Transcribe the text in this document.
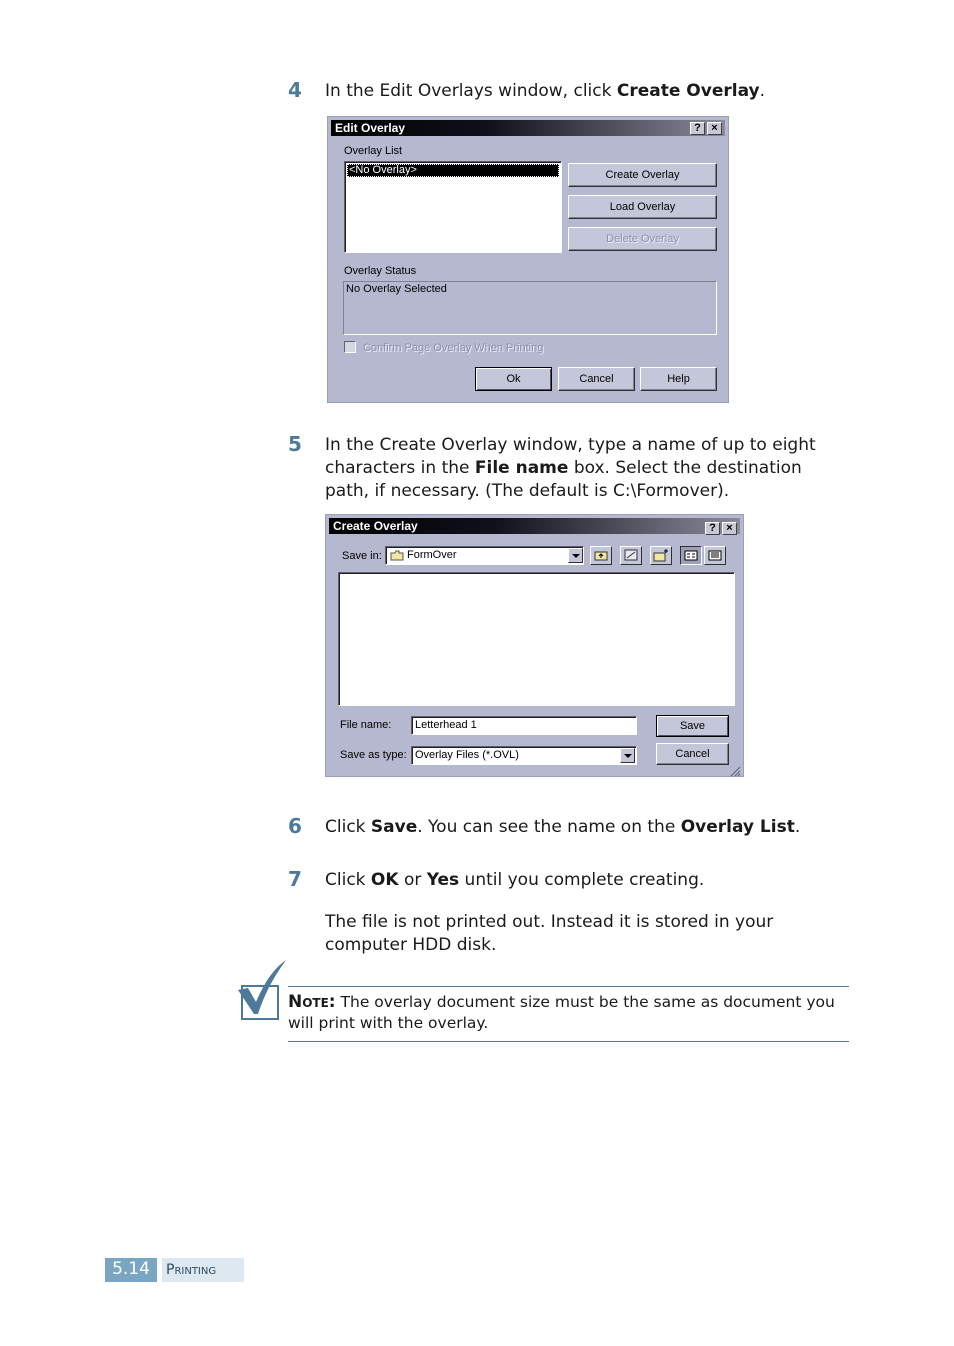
4 In the Edit Overlays window, click Create Overlay.
Edit Overlay	? ×
Overlay List
<No Overlay>	Create Overlay
Load Overlay
Delete Overlay
Overlay Status
No Overlay Selected
Confirm Page Overlay When Printing
Ok	Cancel	Help
5 In the Create Overlay window, type a name of up to eight characters in the File name box. Select the destination path, if necessary. (The default is C:\Formover).
Create Overlay	? ×
Save in:	FormOver
File name:	Letterhead 1
Save as type: Overlay Files (*.OVL)
Save
Cancel
6 Click Save. You can see the name on the Overlay List.
7 Click OK or Yes until you complete creating.
The file is not printed out. Instead it is stored in your computer HDD disk.
Note: The overlay document size must be the same as document you will print with the overlay.
5.14	Printing
